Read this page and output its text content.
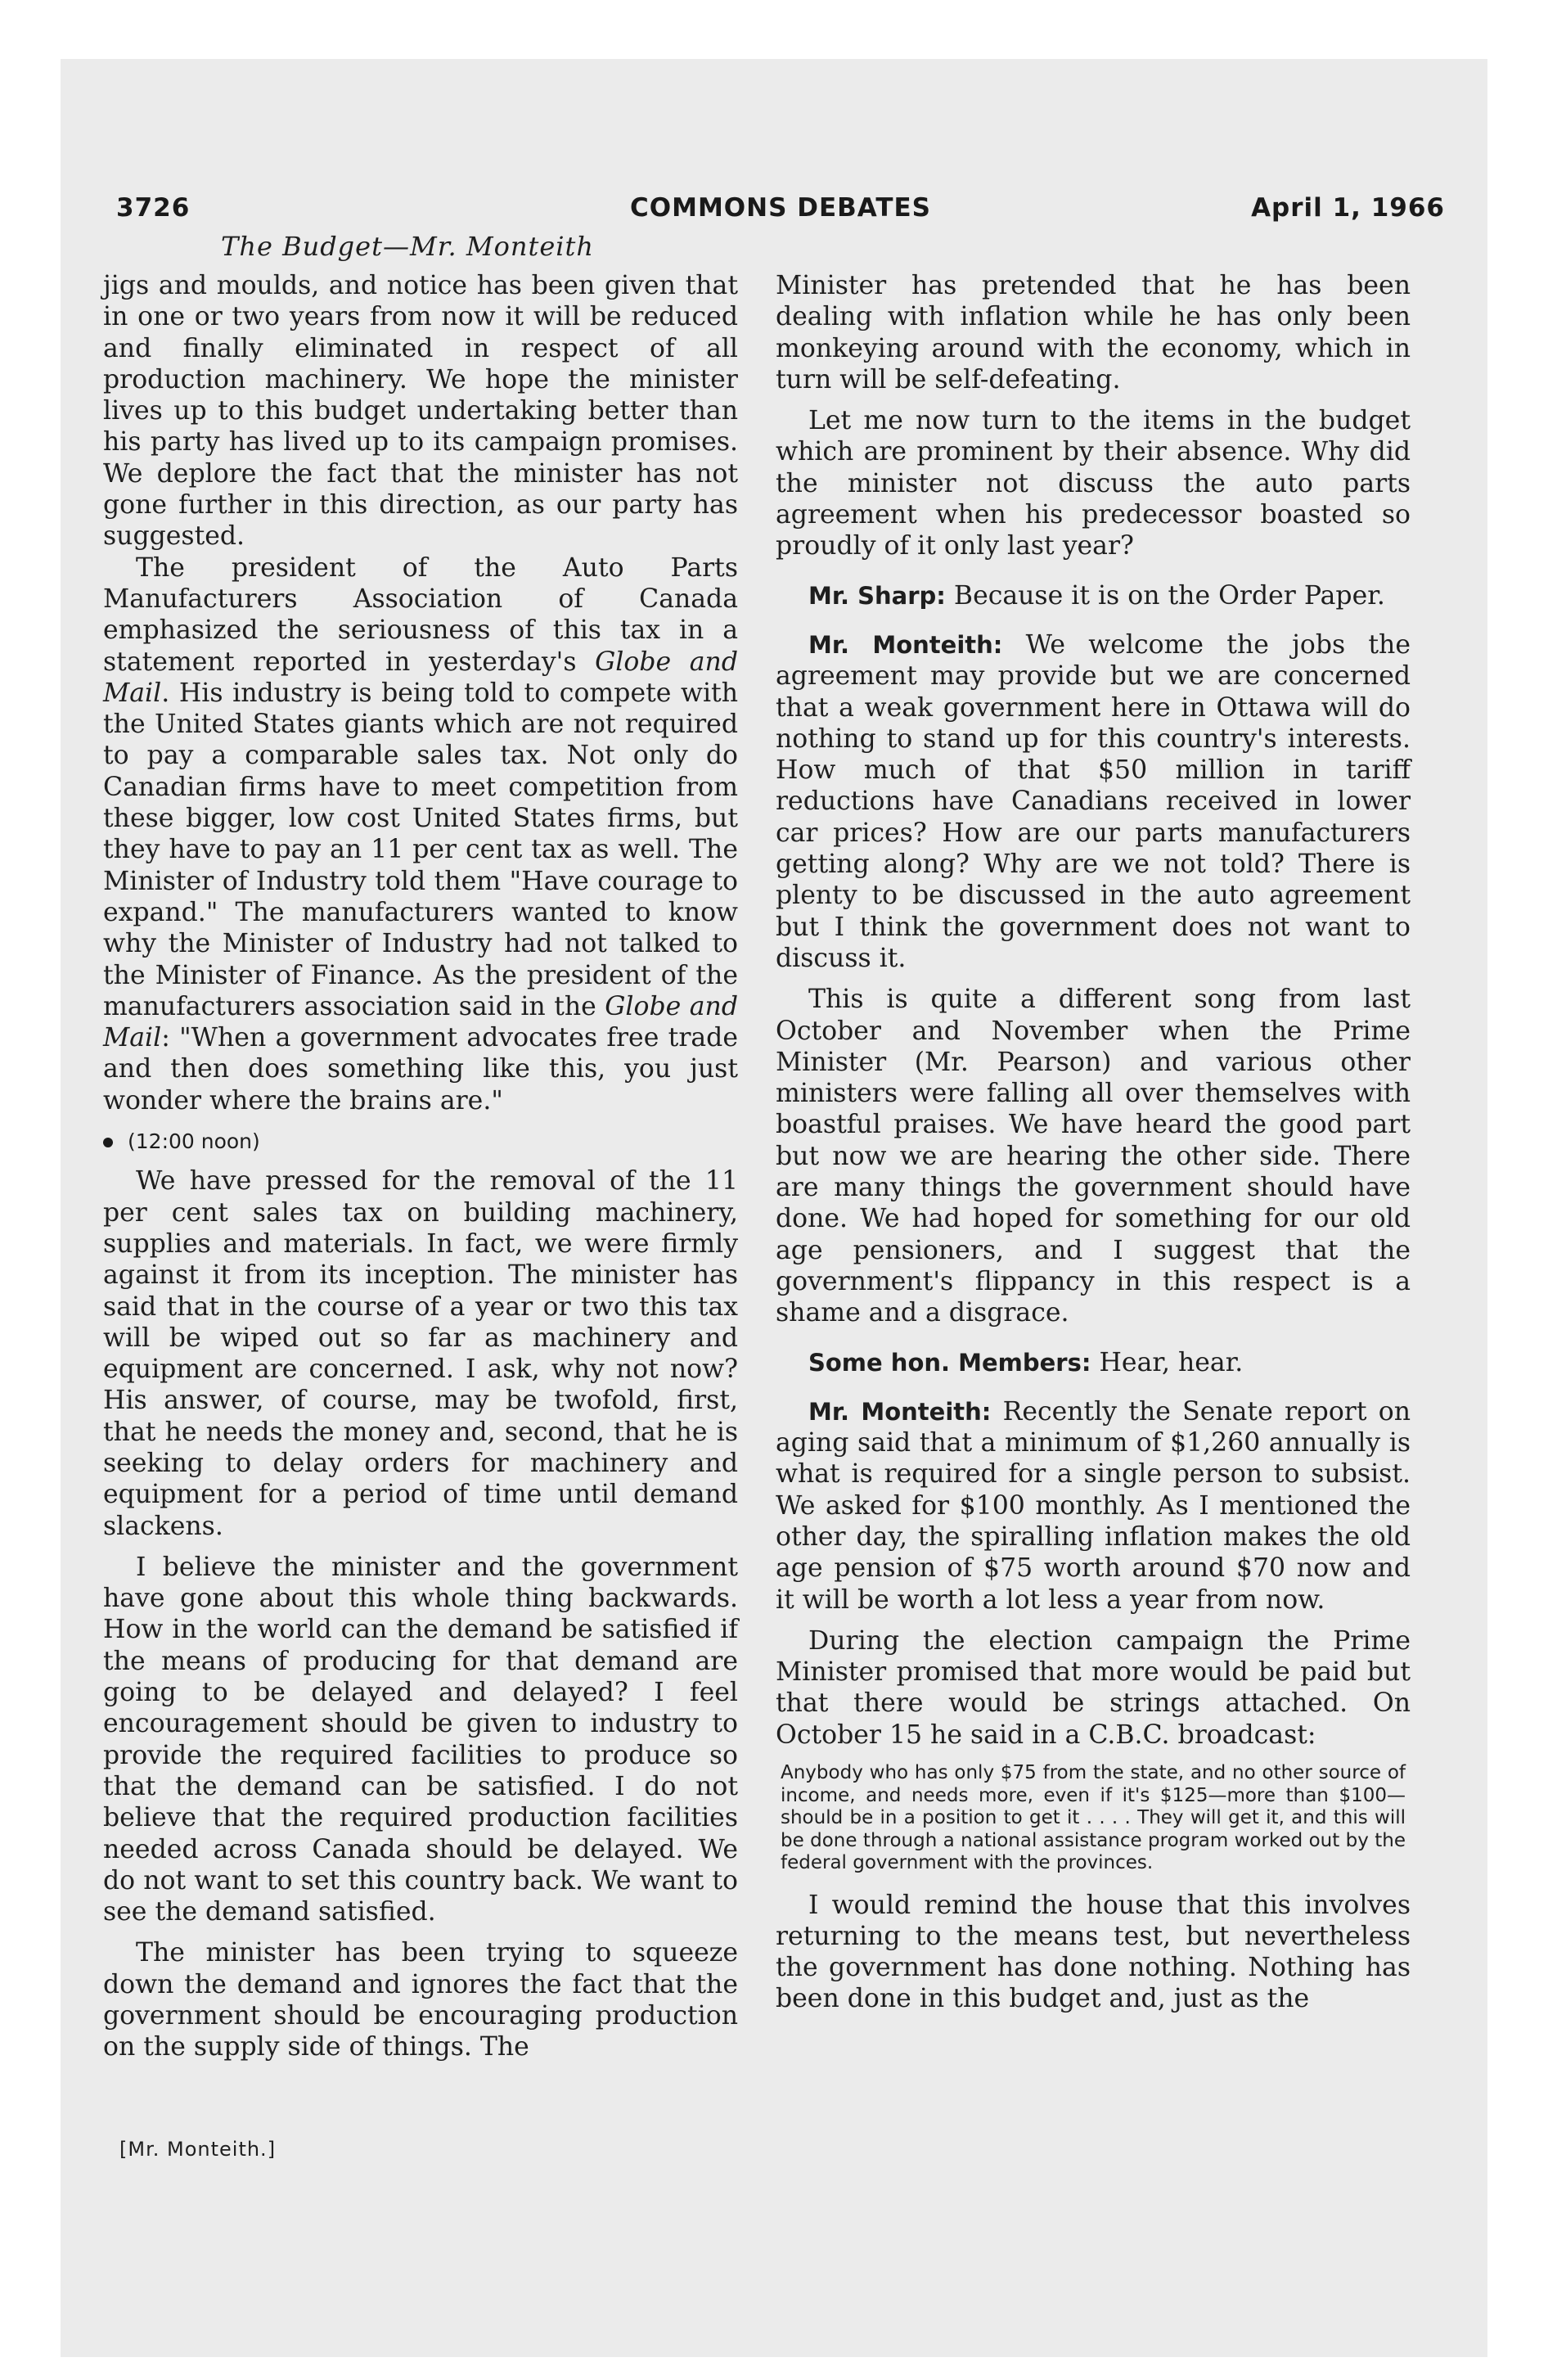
3726	COMMONS DEBATES	April 1, 1966
The Budget—Mr. Monteith

jigs and moulds, and notice has been given that in one or two years from now it will be reduced and finally eliminated in respect of all production machinery. We hope the minister lives up to this budget undertaking better than his party has lived up to its campaign promises. We deplore the fact that the minister has not gone further in this direction, as our party has suggested.

The president of the Auto Parts Manufacturers Association of Canada emphasized the seriousness of this tax in a statement reported in yesterday's Globe and Mail. His industry is being told to compete with the United States giants which are not required to pay a comparable sales tax. Not only do Canadian firms have to meet competition from these bigger, low cost United States firms, but they have to pay an 11 per cent tax as well. The Minister of Industry told them "Have courage to expand." The manufacturers wanted to know why the Minister of Industry had not talked to the Minister of Finance. As the president of the manufacturers association said in the Globe and Mail: "When a government advocates free trade and then does something like this, you just wonder where the brains are."

(12:00 noon)

We have pressed for the removal of the 11 per cent sales tax on building machinery, supplies and materials. In fact, we were firmly against it from its inception. The minister has said that in the course of a year or two this tax will be wiped out so far as machinery and equipment are concerned. I ask, why not now? His answer, of course, may be twofold, first, that he needs the money and, second, that he is seeking to delay orders for machinery and equipment for a period of time until demand slackens.

I believe the minister and the government have gone about this whole thing backwards. How in the world can the demand be satisfied if the means of producing for that demand are going to be delayed and delayed? I feel encouragement should be given to industry to provide the required facilities to produce so that the demand can be satisfied. I do not believe that the required production facilities needed across Canada should be delayed. We do not want to set this country back. We want to see the demand satisfied.

The minister has been trying to squeeze down the demand and ignores the fact that the government should be encouraging production on the supply side of things. The

Minister has pretended that he has been dealing with inflation while he has only been monkeying around with the economy, which in turn will be self-defeating.

Let me now turn to the items in the budget which are prominent by their absence. Why did the minister not discuss the auto parts agreement when his predecessor boasted so proudly of it only last year?

Mr. Sharp: Because it is on the Order Paper.

Mr. Monteith: We welcome the jobs the agreement may provide but we are concerned that a weak government here in Ottawa will do nothing to stand up for this country's interests. How much of that $50 million in tariff reductions have Canadians received in lower car prices? How are our parts manufacturers getting along? Why are we not told? There is plenty to be discussed in the auto agreement but I think the government does not want to discuss it.

This is quite a different song from last October and November when the Prime Minister (Mr. Pearson) and various other ministers were falling all over themselves with boastful praises. We have heard the good part but now we are hearing the other side. There are many things the government should have done. We had hoped for something for our old age pensioners, and I suggest that the government's flippancy in this respect is a shame and a disgrace.

Some hon. Members: Hear, hear.

Mr. Monteith: Recently the Senate report on aging said that a minimum of $1,260 annually is what is required for a single person to subsist. We asked for $100 monthly. As I mentioned the other day, the spiralling inflation makes the old age pension of $75 worth around $70 now and it will be worth a lot less a year from now.

During the election campaign the Prime Minister promised that more would be paid but that there would be strings attached. On October 15 he said in a C.B.C. broadcast:

Anybody who has only $75 from the state, and no other source of income, and needs more, even if it's $125—more than $100—should be in a position to get it . . . . They will get it, and this will be done through a national assistance program worked out by the federal government with the provinces.

I would remind the house that this involves returning to the means test, but nevertheless the government has done nothing. Nothing has been done in this budget and, just as the

[Mr. Monteith.]
